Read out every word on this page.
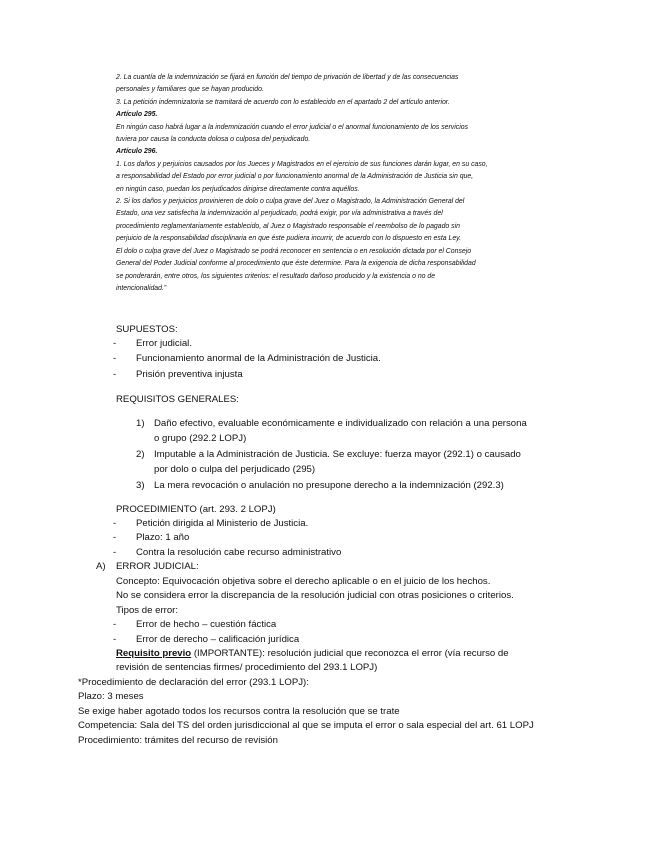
2. La cuantía de la indemnización se fijará en función del tiempo de privación de libertad y de las consecuencias

personales y familiares que se hayan producido.

3. La petición indemnizatoria se tramitará de acuerdo con lo establecido en el apartado 2 del artículo anterior.

Artículo 295.

En ningún caso habrá lugar a la indemnización cuando el error judicial o el anormal funcionamiento de los servicios

tuviera por causa la conducta dolosa o culposa del perjudicado.

Artículo 296.

1. Los daños y perjuicios causados por los Jueces y Magistrados en el ejercicio de sus funciones darán lugar, en su caso,

a responsabilidad del Estado por error judicial o por funcionamiento anormal de la Administración de Justicia sin que,

en ningún caso, puedan los perjudicados dirigirse directamente contra aquéllos.

2. Si los daños y perjuicios provinieren de dolo o culpa grave del Juez o Magistrado, la Administración General del

Estado, una vez satisfecha la indemnización al perjudicado, podrá exigir, por vía administrativa a través del

procedimiento reglamentariamente establecido, al Juez o Magistrado responsable el reembolso de lo pagado sin

perjuicio de la responsabilidad disciplinaria en que éste pudiera incurrir, de acuerdo con lo dispuesto en esta Ley.

El dolo o culpa grave del Juez o Magistrado se podrá reconocer en sentencia o en resolución dictada por el Consejo

General del Poder Judicial conforme al procedimiento que éste determine. Para la exigencia de dicha responsabilidad

se ponderarán, entre otros, los siguientes criterios: el resultado dañoso producido y la existencia o no de

intencionalidad.”

SUPUESTOS:
- Error judicial.
- Funcionamiento anormal de la Administración de Justicia.
- Prisión preventiva injusta
REQUISITOS GENERALES:
1) Daño efectivo, evaluable económicamente e individualizado con relación a una persona
o grupo (292.2 LOPJ)
2) Imputable a la Administración de Justicia. Se excluye: fuerza mayor (292.1) o causado
por dolo o culpa del perjudicado (295)
3) La mera revocación o anulación no presupone derecho a la indemnización (292.3)
PROCEDIMIENTO (art. 293. 2 LOPJ)
- Petición dirigida al Ministerio de Justicia.
- Plazo: 1 año
- Contra la resolución cabe recurso administrativo
A) ERROR JUDICIAL:
Concepto: Equivocación objetiva sobre el derecho aplicable o en el juicio de los hechos.
No se considera error la discrepancia de la resolución judicial con otras posiciones o criterios.
Tipos de error:
- Error de hecho – cuestión fáctica
- Error de derecho – calificación jurídica
Requisito previo (IMPORTANTE): resolución judicial que reconozca el error (vía recurso de
revisión de sentencias firmes/ procedimiento del 293.1 LOPJ)
*Procedimiento de declaración del error (293.1 LOPJ):
Plazo: 3 meses
Se exige haber agotado todos los recursos contra la resolución que se trate
Competencia: Sala del TS del orden jurisdiccional al que se imputa el error o sala especial del art. 61 LOPJ
Procedimiento: trámites del recurso de revisión
